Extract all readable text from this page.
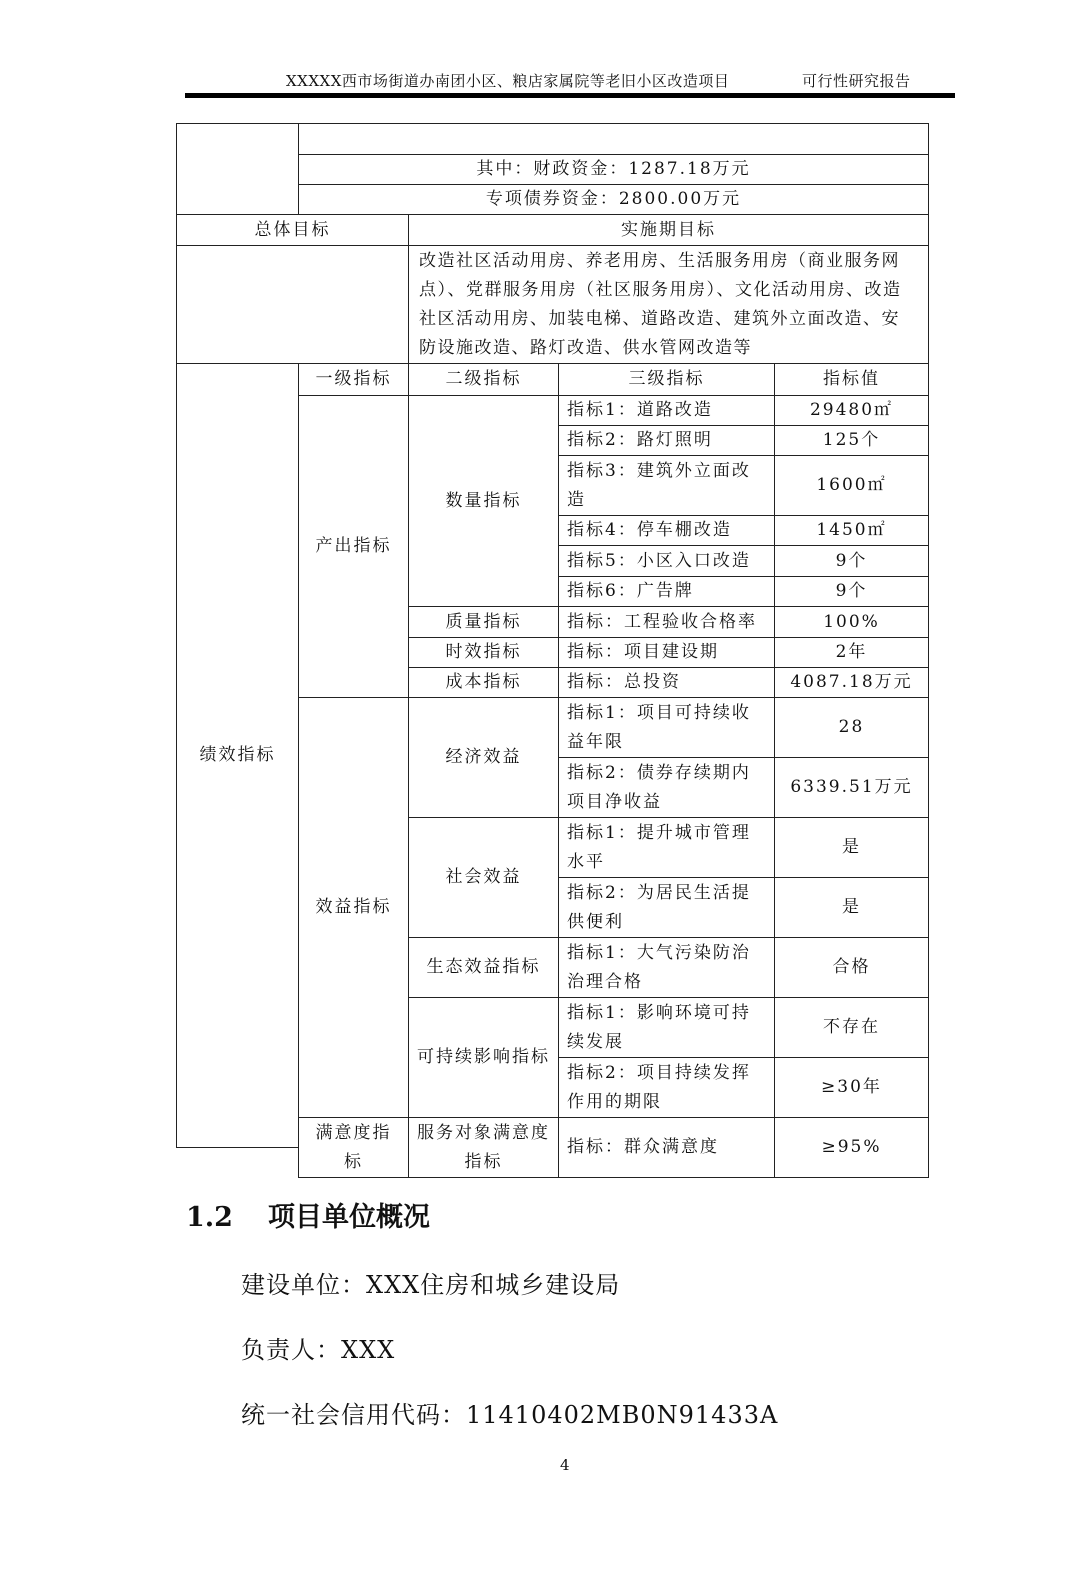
XXXXX西市场街道办南团小区、粮店家属院等老旧小区改造项目	可行性研究报告

	其中：财政资金：1287.18万元			
	专项债券资金：2800.00万元			
总体目标		实施期目标		
		改造社区活动用房、养老用房、生活服务用房（商业服务网点）、党群服务用房（社区服务用房）、文化活动用房、改造社区活动用房、加装电梯、道路改造、建筑外立面改造、安防设施改造、路灯改造、供水管网改造等		
绩效指标	一级指标	二级指标	三级指标	指标值
	产出指标	数量指标	指标1：道路改造	29480㎡
			指标2：路灯照明	125个
			指标3：建筑外立面改造	1600㎡

			指标4：停车棚改造	1450㎡
			指标5：小区入口改造	9个
			指标6：广告牌	9个
		质量指标	指标：工程验收合格率	100%
		时效指标	指标：项目建设期	2年
		成本指标	指标：总投资	4087.18万元
	效益指标	经济效益	指标1：项目可持续收益年限	28

			指标2：债券存续期内项目净收益	6339.51万元

		社会效益	指标1：提升城市管理水平	是

			指标2：为居民生活提供便利	是

		生态效益指标	指标1：大气污染防治治理合格	合格

		可持续影响指标	指标1：影响环境可持续发展	不存在

			指标2：项目持续发挥作用的期限	≥30年

	满意度指标	服务对象满意度指标	指标：群众满意度	≥95%

1.2 项目单位概况
建设单位：XXX住房和城乡建设局
负责人：XXX
统一社会信用代码：11410402MB0N91433A
4
